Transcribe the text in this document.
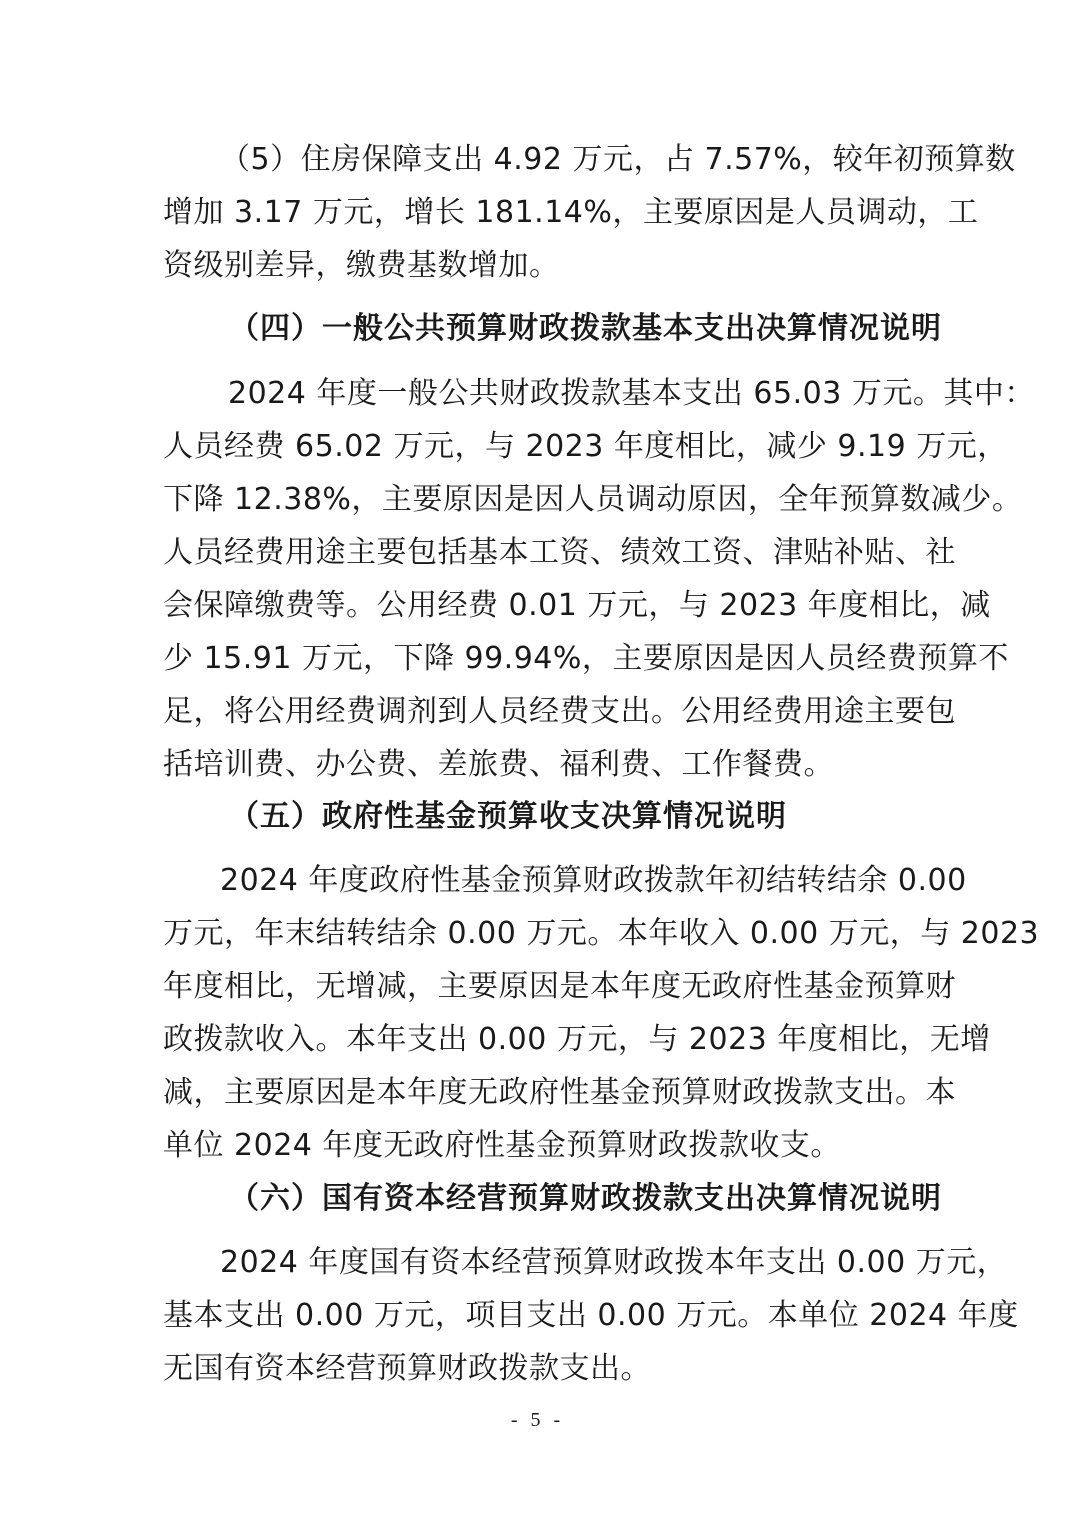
（5）住房保障支出 4.92 万元，占 7.57%，较年初预算数
增加 3.17 万元，增长 181.14%，主要原因是人员调动，工
资级别差异，缴费基数增加。
（四）一般公共预算财政拨款基本支出决算情况说明
2024 年度一般公共财政拨款基本支出 65.03 万元。其中：
人员经费 65.02 万元，与 2023 年度相比，减少 9.19 万元，
下降 12.38%，主要原因是因人员调动原因，全年预算数减少。
人员经费用途主要包括基本工资、绩效工资、津贴补贴、社
会保障缴费等。公用经费 0.01 万元，与 2023 年度相比，减
少 15.91 万元，下降 99.94%，主要原因是因人员经费预算不
足，将公用经费调剂到人员经费支出。公用经费用途主要包
括培训费、办公费、差旅费、福利费、工作餐费。
（五）政府性基金预算收支决算情况说明
2024 年度政府性基金预算财政拨款年初结转结余 0.00
万元，年末结转结余 0.00 万元。本年收入 0.00 万元，与 2023
年度相比，无增减，主要原因是本年度无政府性基金预算财
政拨款收入。本年支出 0.00 万元，与 2023 年度相比，无增
减，主要原因是本年度无政府性基金预算财政拨款支出。本
单位 2024 年度无政府性基金预算财政拨款收支。
（六）国有资本经营预算财政拨款支出决算情况说明
2024 年度国有资本经营预算财政拨本年支出 0.00 万元，
基本支出 0.00 万元，项目支出 0.00 万元。本单位 2024 年度
无国有资本经营预算财政拨款支出。
- 5 -
